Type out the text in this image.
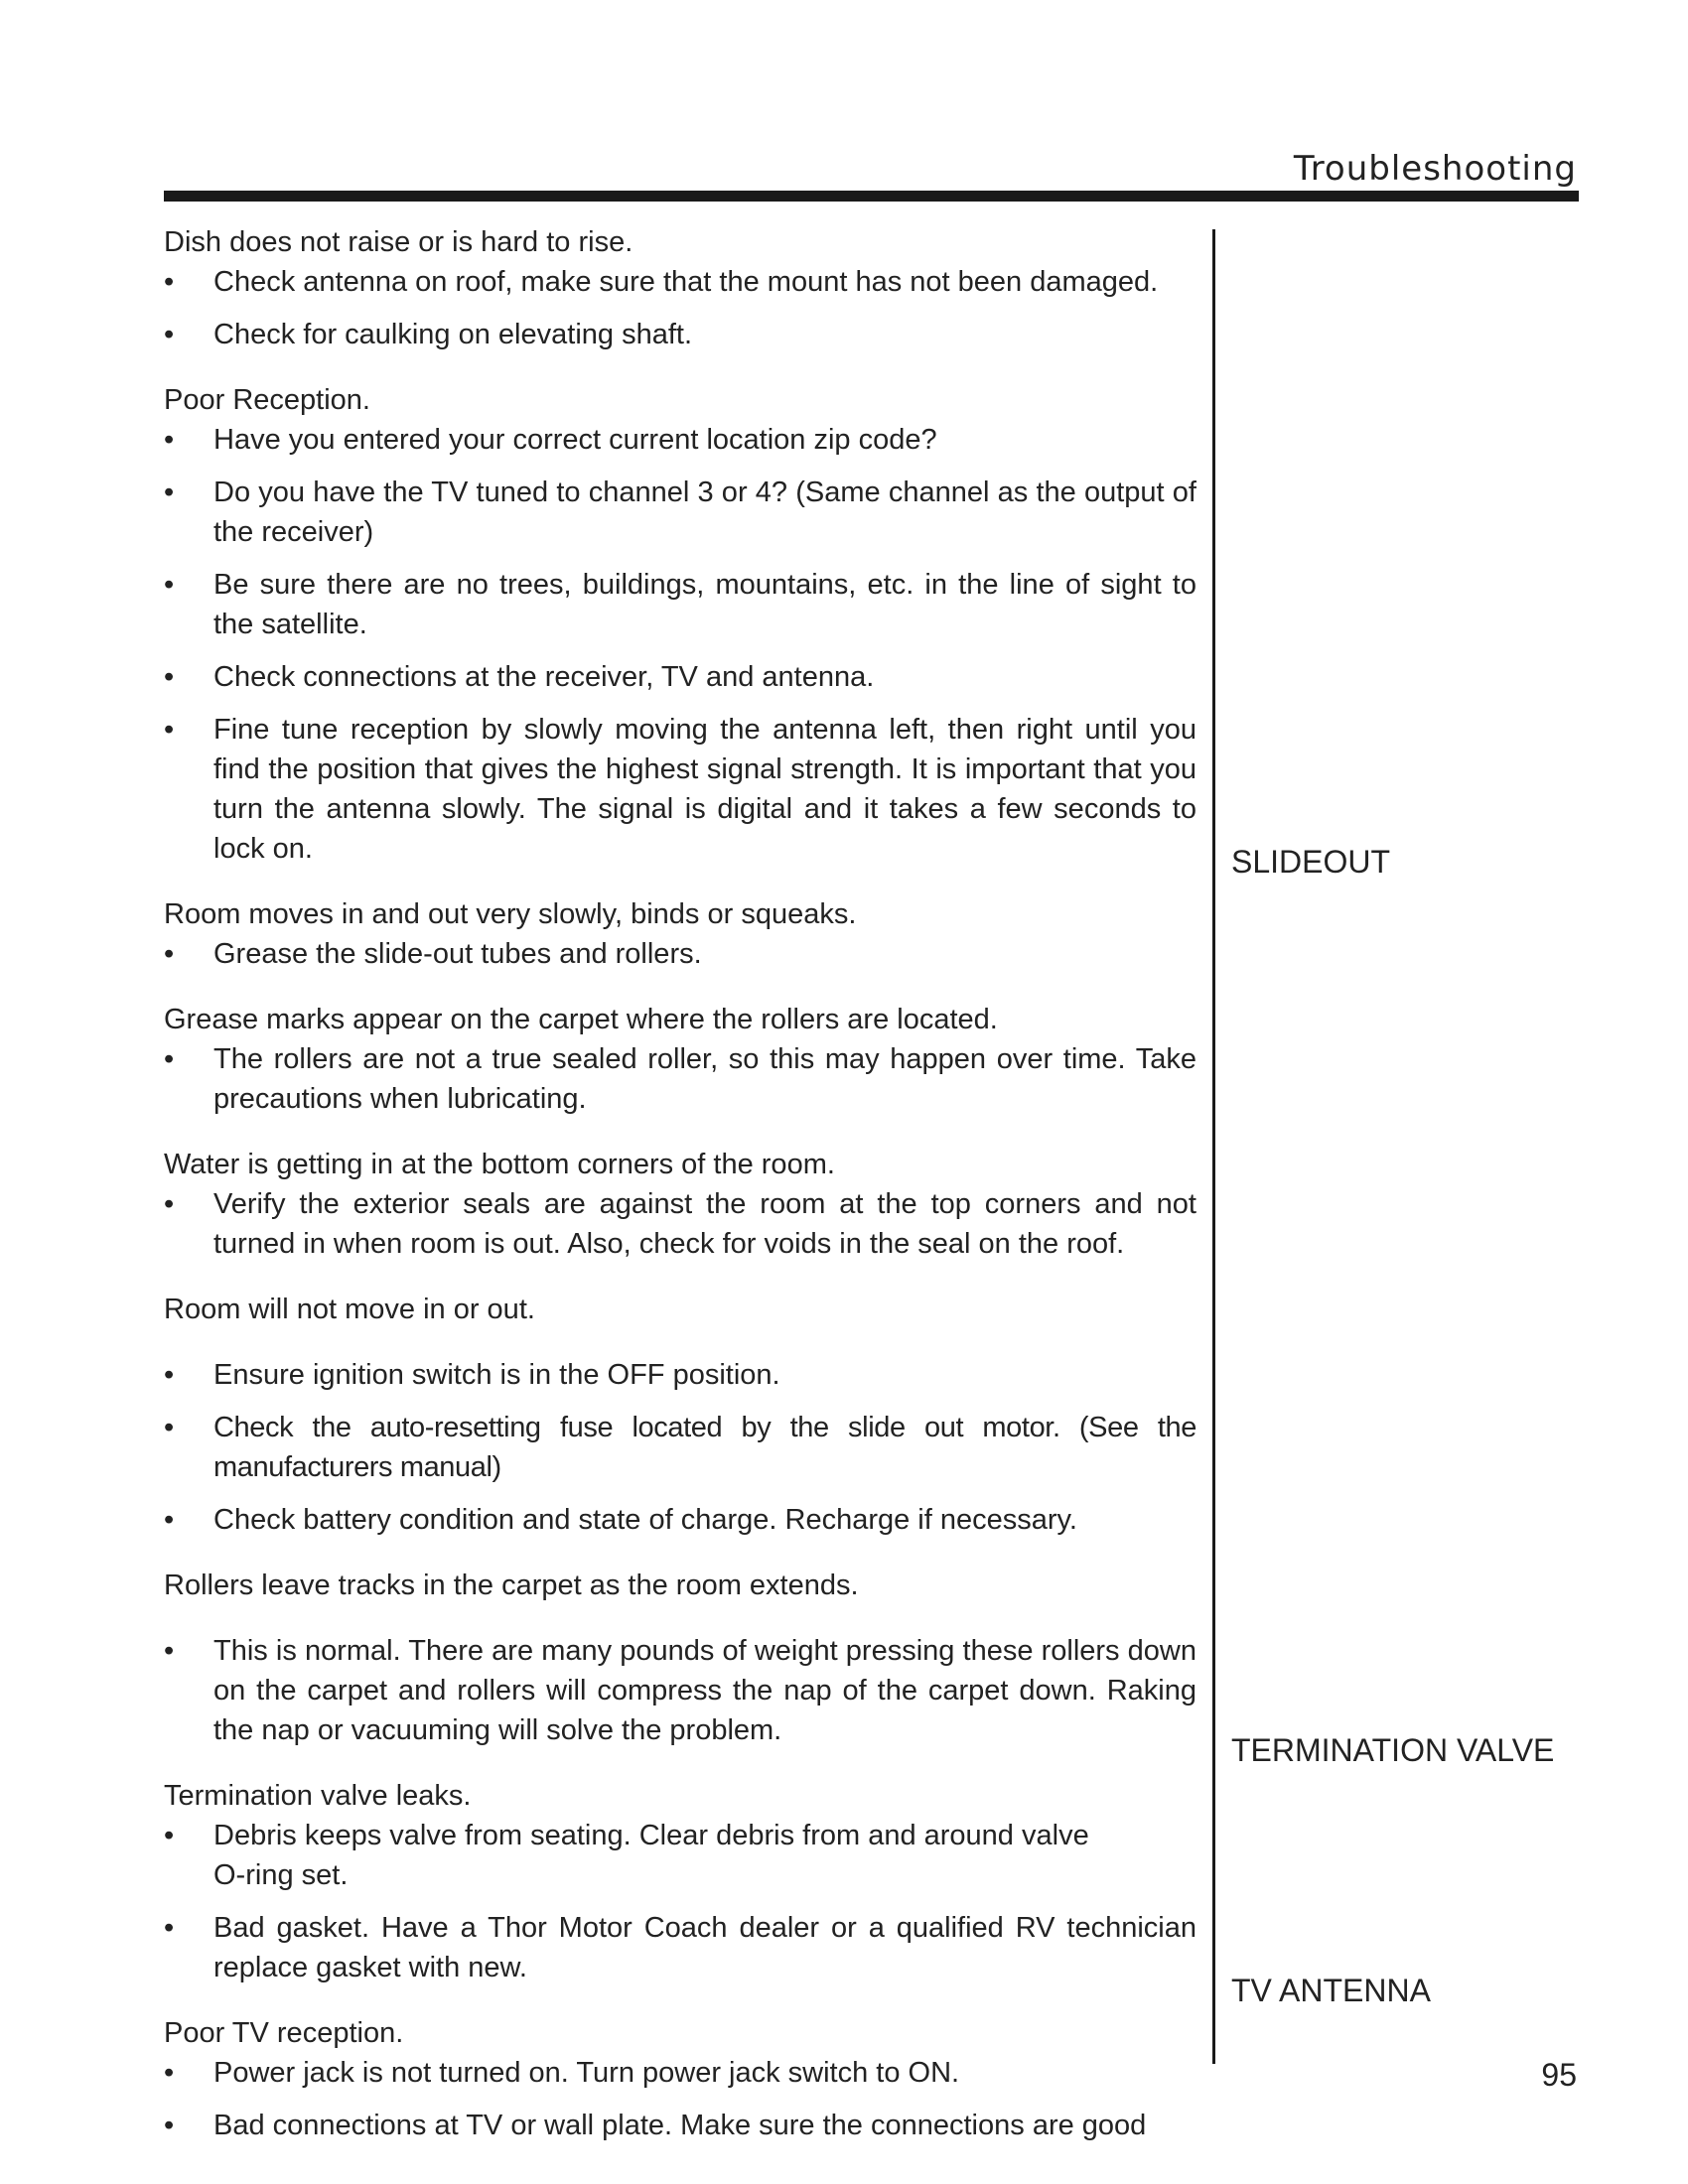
Troubleshooting

Dish does not raise or is hard to rise.

• Check antenna on roof, make sure that the mount has not been damaged.
• Check for caulking on elevating shaft.

Poor Reception.

• Have you entered your correct current location zip code?
• Do you have the TV tuned to channel 3 or 4? (Same channel as the output of the receiver)
• Be sure there are no trees, buildings, mountains, etc. in the line of sight to the satellite.
• Check connections at the receiver, TV and antenna.
• Fine tune reception by slowly moving the antenna left, then right until you find the position that gives the highest signal strength. It is important that you turn the antenna slowly. The signal is digital and it takes a few seconds to lock on.

Room moves in and out very slowly, binds or squeaks.

• Grease the slide-out tubes and rollers.

Grease marks appear on the carpet where the rollers are located.

• The rollers are not a true sealed roller, so this may happen over time. Take precautions when lubricating.

Water is getting in at the bottom corners of the room.

• Verify the exterior seals are against the room at the top corners and not turned in when room is out. Also, check for voids in the seal on the roof.

Room will not move in or out.

• Ensure ignition switch is in the OFF position.
• Check the auto-resetting fuse located by the slide out motor. (See the manufacturers manual)
• Check battery condition and state of charge. Recharge if necessary.

Rollers leave tracks in the carpet as the room extends.

• This is normal. There are many pounds of weight pressing these rollers down on the carpet and rollers will compress the nap of the carpet down. Raking the nap or vacuuming will solve the problem.

Termination valve leaks.

• Debris keeps valve from seating. Clear debris from and around valve O-ring set.
• Bad gasket. Have a Thor Motor Coach dealer or a qualified RV technician replace gasket with new.

Poor TV reception.

• Power jack is not turned on. Turn power jack switch to ON.
• Bad connections at TV or wall plate. Make sure the connections are good
SLIDEOUT
TERMINATION VALVE
TV ANTENNA
95
